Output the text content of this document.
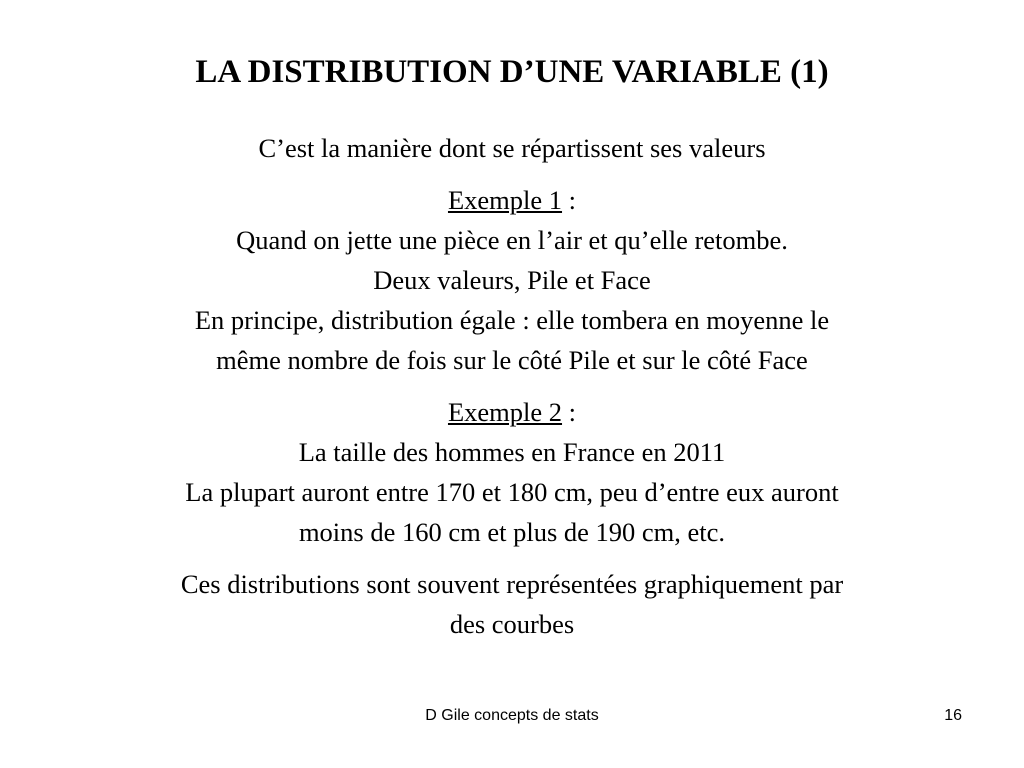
LA DISTRIBUTION D’UNE VARIABLE (1)

C’est la manière dont se répartissent ses valeurs

Exemple 1 :
Quand on jette une pièce en l’air et qu’elle retombe.
Deux valeurs, Pile et Face
En principe, distribution égale : elle tombera en moyenne le
même nombre de fois sur le côté Pile et sur le côté Face

Exemple 2 :
La taille des hommes en France en 2011
La plupart auront entre 170 et 180 cm, peu d’entre eux auront
moins de 160 cm et plus de 190 cm, etc.

Ces distributions sont souvent représentées graphiquement par
des courbes

D Gile concepts de stats	16
